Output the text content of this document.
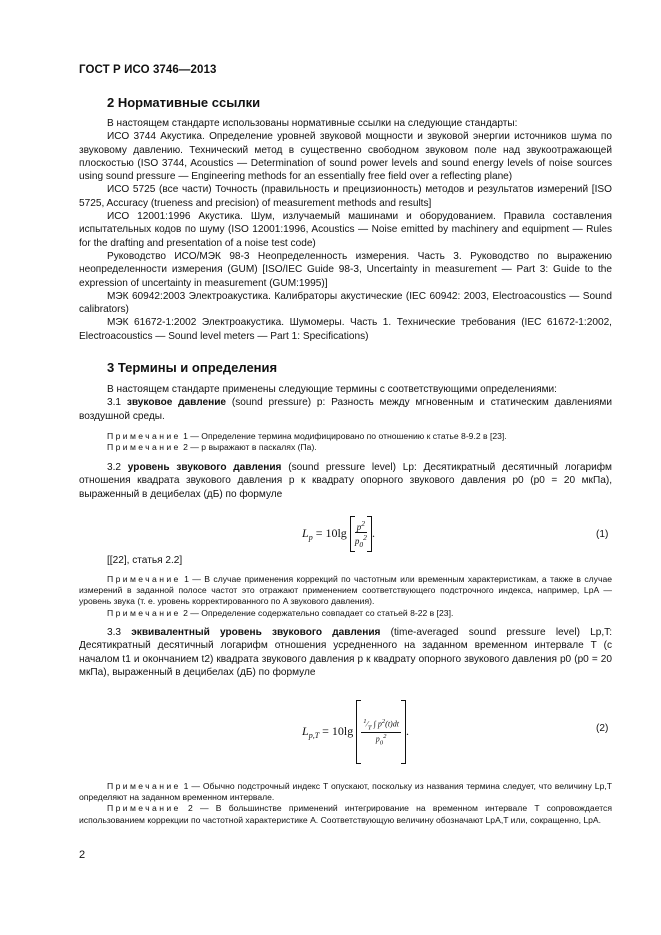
ГОСТ Р ИСО 3746—2013
2 Нормативные ссылки

В настоящем стандарте использованы нормативные ссылки на следующие стандарты:

ИСО 3744 Акустика. Определение уровней звуковой мощности и звуковой энергии источников шума по звуковому давлению. Технический метод в существенно свободном звуковом поле над звукоотражающей плоскостью (ISO 3744, Acoustics — Determination of sound power levels and sound energy levels of noise sources using sound pressure — Engineering methods for an essentially free field over a reflecting plane)

ИСО 5725 (все части) Точность (правильность и прецизионность) методов и результатов измерений [ISO 5725, Accuracy (trueness and precision) of measurement methods and results]

ИСО 12001:1996 Акустика. Шум, излучаемый машинами и оборудованием. Правила составления испытательных кодов по шуму (ISO 12001:1996, Acoustics — Noise emitted by machinery and equipment — Rules for the drafting and presentation of a noise test code)

Руководство ИСО/МЭК 98-3 Неопределенность измерения. Часть 3. Руководство по выражению неопределенности измерения (GUM) [ISO/IEC Guide 98-3, Uncertainty in measurement — Part 3: Guide to the expression of uncertainty in measurement (GUM:1995)]

МЭК 60942:2003 Электроакустика. Калибраторы акустические (IEC 60942: 2003, Electroacoustics — Sound calibrators)

МЭК 61672-1:2002 Электроакустика. Шумомеры. Часть 1. Технические требования (IEC 61672-1:2002, Electroacoustics — Sound level meters — Part 1: Specifications)

3 Термины и определения

В настоящем стандарте применены следующие термины с соответствующими определениями:

3.1 звуковое давление (sound pressure) p: Разность между мгновенным и статическим давлениями воздушной среды.

Примечание 1 — Определение термина модифицировано по отношению к статье 8-9.2 в [23].

Примечание 2 — p выражают в паскалях (Па).

3.2 уровень звукового давления (sound pressure level) Lp: Десятикратный десятичный логарифм отношения квадрата звукового давления p к квадрату опорного звукового давления p0 (p0 = 20 мкПа), выраженный в децибелах (дБ) по формуле

$L_p = 10\lg \frac{p^2}{p_0^2}$ .	(1)
[[22], статья 2.2]

Примечание 1 — В случае применения коррекций по частотным или временным характеристикам, а также в случае измерений в заданной полосе частот это отражают применением соответствующего подстрочного индекса, например, LpA — уровень звука (т. е. уровень корректированного по A звукового давления).

Примечание 2 — Определение содержательно совпадает со статьей 8-22 в [23].

3.3 эквивалентный уровень звукового давления (time-averaged sound pressure level) Lp,T: Десятикратный десятичный логарифм отношения усредненного на заданном временном интервале T (с началом t1 и окончанием t2) квадрата звукового давления p к квадрату опорного звукового давления p0 (p0 = 20 мкПа), выраженный в децибелах (дБ) по формуле

$L_{p,T} = 10\lg \frac{^1⁄_T \int p^2(t)dt}{p_0^2}$ .	(2)

Примечание 1 — Обычно подстрочный индекс T опускают, поскольку из названия термина следует, что величину Lp,T определяют на заданном временном интервале.

Примечание 2 — В большинстве применений интегрирование на временном интервале T сопровождается использованием коррекции по частотной характеристике A. Соответствующую величину обозначают LpA,T или, сокращенно, LpA.

2
